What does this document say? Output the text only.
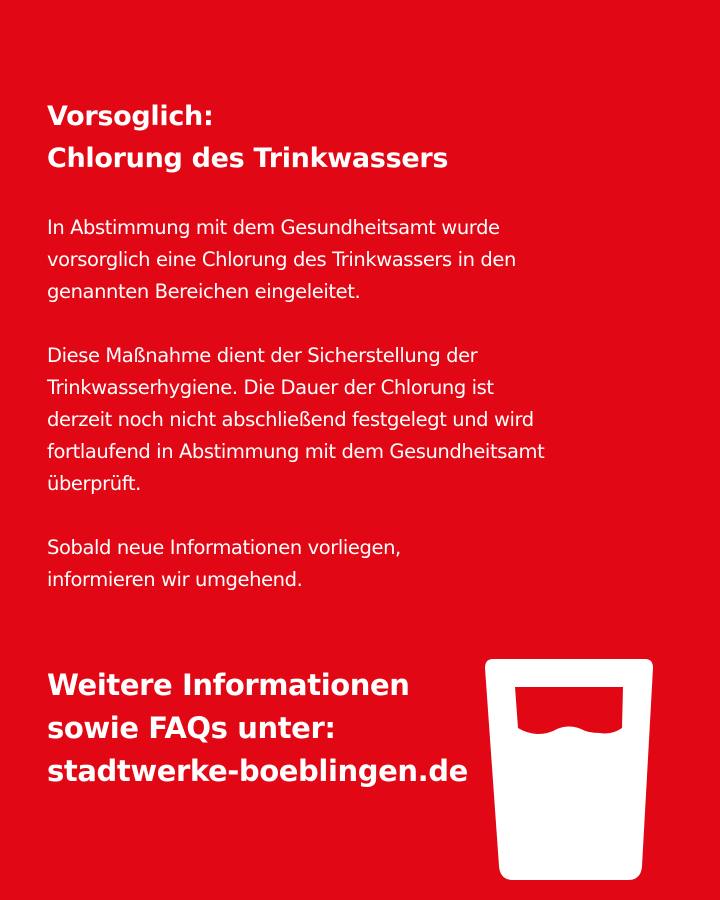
Vorsoglich:
Chlorung des Trinkwassers

In Abstimmung mit dem Gesundheitsamt wurde
vorsorglich eine Chlorung des Trinkwassers in den
genannten Bereichen eingeleitet.

Diese Maßnahme dient der Sicherstellung der
Trinkwasserhygiene. Die Dauer der Chlorung ist
derzeit noch nicht abschließend festgelegt und wird
fortlaufend in Abstimmung mit dem Gesundheitsamt
überprüft.

Sobald neue Informationen vorliegen,
informieren wir umgehend.

Weitere Informationen
sowie FAQs unter:
stadtwerke-boeblingen.de
